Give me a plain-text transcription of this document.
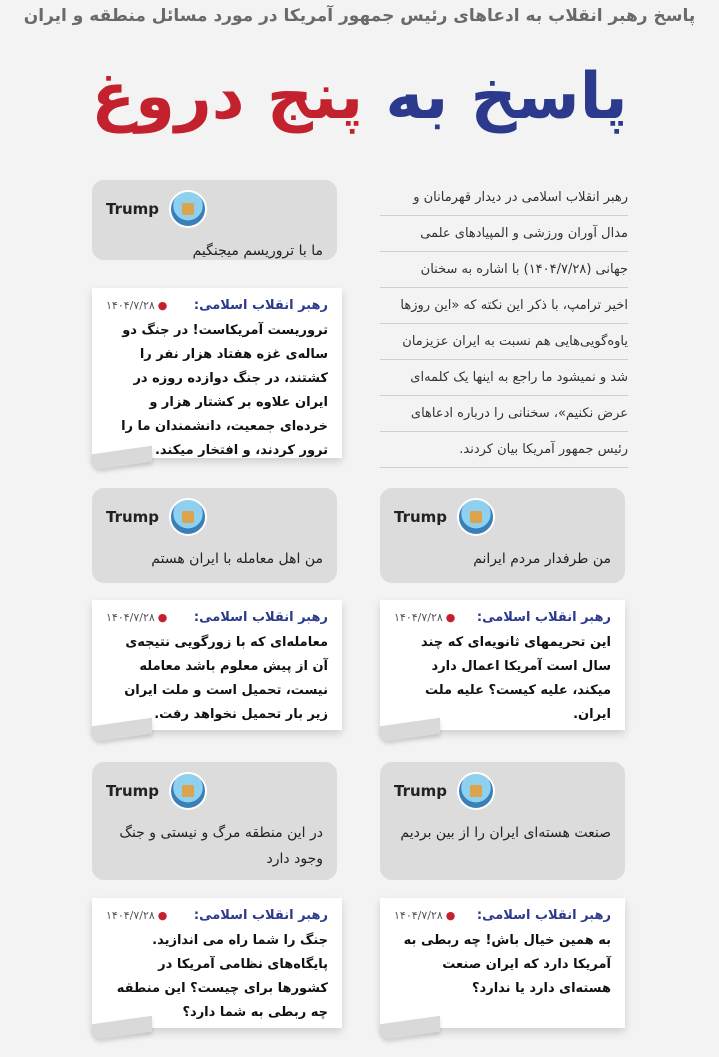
پاسخ رهبر انقلاب به ادعاهای رئیس جمهور آمریکا در مورد مسائل منطقه و ایران
پاسخ به پنج دروغ
رهبر انقلاب اسلامی در دیدار قهرمانان و
مدال آوران ورزشی و المپیادهای علمی
جهانی (۱۴۰۴/۷/۲۸) با اشاره به سخنان
اخیر ترامپ، با ذکر این نکته که «این روزها
یاوه‌گویی‌هایی هم نسبت به ایران عزیزمان
شد و نمیشود ما راجع به اینها یک کلمه‌ای
عرض نکنیم»، سخنانی را درباره ادعاهای
رئیس جمهور آمریکا بیان کردند.
Trump
ما با تروریسم میجنگیم
رهبر انقلاب اسلامی:
۱۴۰۴/۷/۲۸ ●
تروریست آمریکاست! در جنگ دو ساله‌ی غزه هفتاد هزار نفر را کشتند، در جنگ دوازده روزه در ایران علاوه بر کشتار هزار و خرده‌ای جمعیت، دانشمندان ما را ترور کردند، و افتخار میکند.
Trump
من اهل معامله با ایران هستم
رهبر انقلاب اسلامی:
۱۴۰۴/۷/۲۸ ●
معامله‌ای که با زورگویی نتیجه‌ی آن از پیش معلوم باشد معامله نیست، تحمیل است و ملت ایران زیر بار تحمیل نخواهد رفت.
Trump
من طرفدار مردم ایرانم
رهبر انقلاب اسلامی:
۱۴۰۴/۷/۲۸ ●
این تحریمهای ثانویه‌ای که چند سال است آمریکا اعمال دارد میکند، علیه کیست؟ علیه ملت ایران.
Trump
در این منطقه مرگ و نیستی و جنگ وجود دارد
رهبر انقلاب اسلامی:
۱۴۰۴/۷/۲۸ ●
جنگ را شما راه می اندازید. پایگاه‌های نظامی آمریکا در کشورها برای چیست؟ این منطقه چه ربطی به شما دارد؟
Trump
صنعت هسته‌ای ایران را از بین بردیم
رهبر انقلاب اسلامی:
۱۴۰۴/۷/۲۸ ●
به همین خیال باش! چه ربطی به آمریکا دارد که ایران صنعت هسته‌ای دارد یا ندارد؟
